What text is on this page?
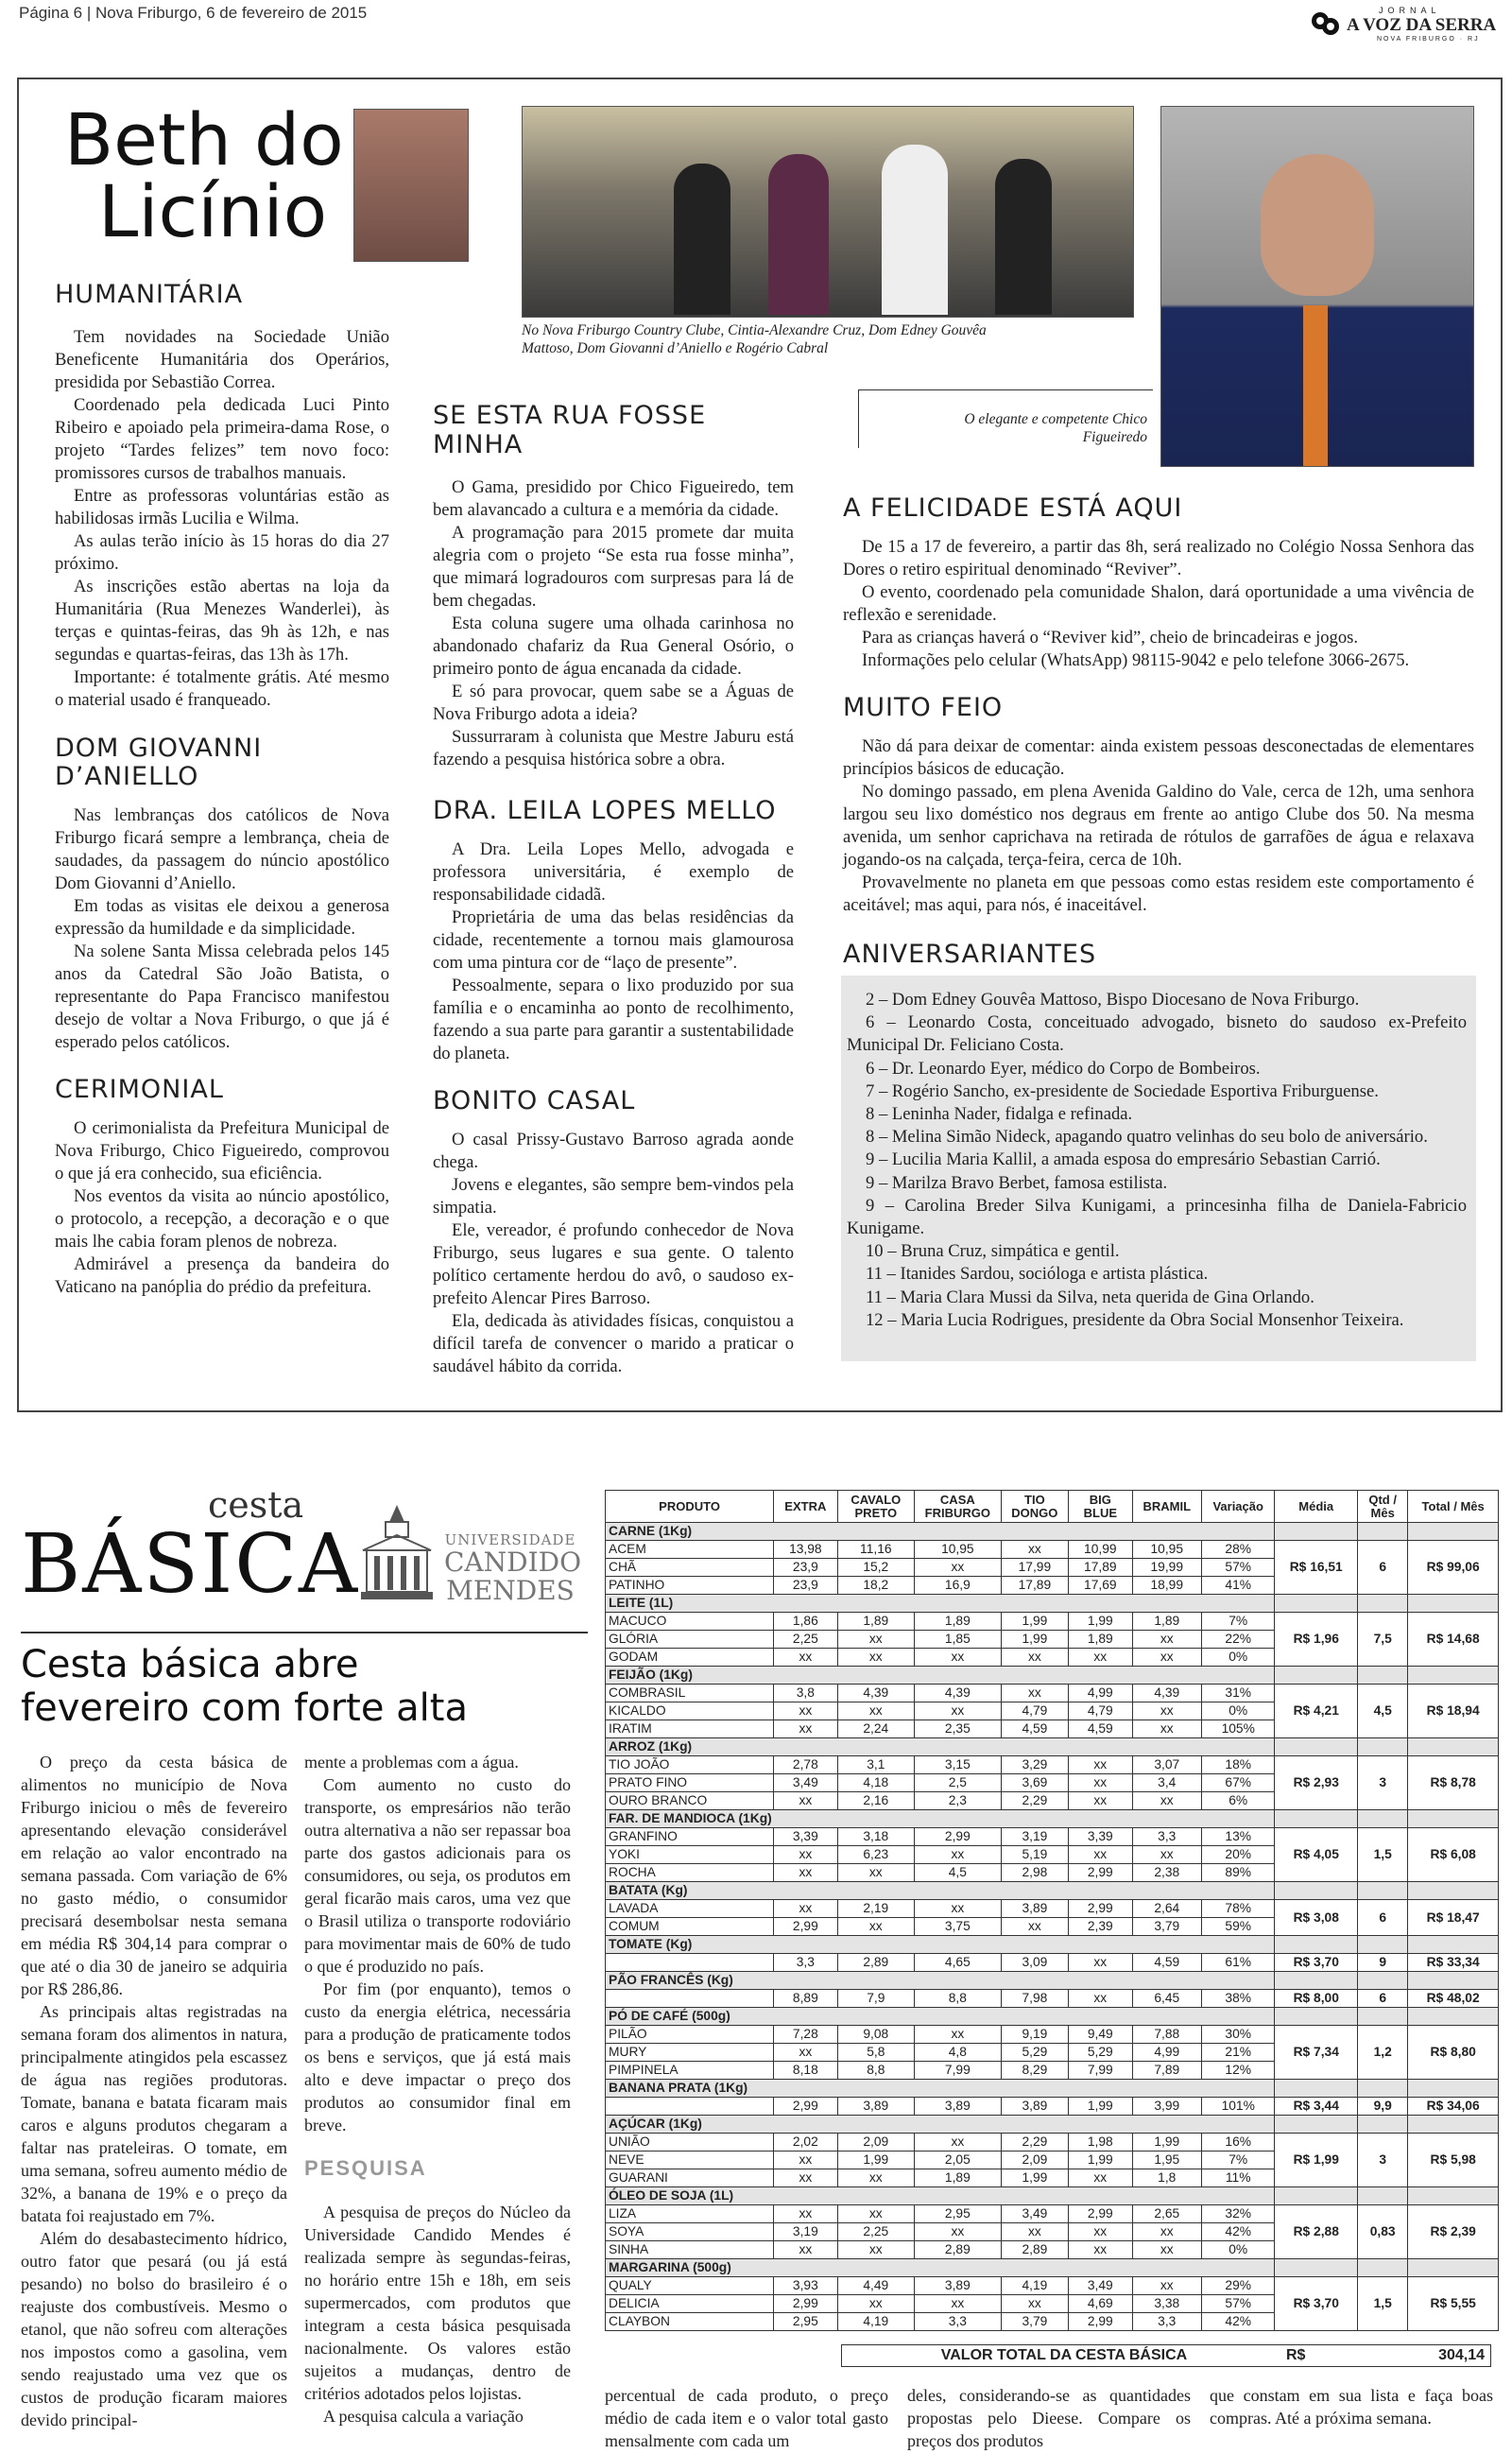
Página 6 | Nova Friburgo, 6 de fevereiro de 2015	JORNAL
A VOZ DA SERRA
NOVA FRIBURGO · RJ
Beth do
Licínio
HUMANITÁRIA

Tem novidades na Sociedade União Beneficente Humanitária dos Operários, presidida por Sebastião Correa.

Coordenado pela dedicada Luci Pinto Ribeiro e apoiado pela primeira-dama Rose, o projeto “Tardes felizes” tem novo foco: promissores cursos de trabalhos manuais.

Entre as professoras voluntárias estão as habilidosas irmãs Lucilia e Wilma.

As aulas terão início às 15 horas do dia 27 próximo.

As inscrições estão abertas na loja da Humanitária (Rua Menezes Wanderlei), às terças e quintas-feiras, das 9h às 12h, e nas segundas e quartas-feiras, das 13h às 17h.

Importante: é totalmente grátis. Até mesmo o material usado é franqueado.

DOM GIOVANNI D’ANIELLO

Nas lembranças dos católicos de Nova Friburgo ficará sempre a lembrança, cheia de saudades, da passagem do núncio apostólico Dom Giovanni d’Aniello.

Em todas as visitas ele deixou a generosa expressão da humildade e da simplicidade.

Na solene Santa Missa celebrada pelos 145 anos da Catedral São João Batista, o representante do Papa Francisco manifestou desejo de voltar a Nova Friburgo, o que já é esperado pelos católicos.

CERIMONIAL

O cerimonialista da Prefeitura Municipal de Nova Friburgo, Chico Figueiredo, comprovou o que já era conhecido, sua eficiência.

Nos eventos da visita ao núncio apostólico, o protocolo, a recepção, a decoração e o que mais lhe cabia foram plenos de nobreza.

Admirável a presença da bandeira do Vaticano na panóplia do prédio da prefeitura.

No Nova Friburgo Country Clube, Cintia-Alexandre Cruz, Dom Edney Gouvêa Mattoso, Dom Giovanni d’Aniello e Rogério Cabral
SE ESTA RUA FOSSE MINHA

O Gama, presidido por Chico Figueiredo, tem bem alavancado a cultura e a memória da cidade.

A programação para 2015 promete dar muita alegria com o projeto “Se esta rua fosse minha”, que mimará logradouros com surpresas para lá de bem chegadas.

Esta coluna sugere uma olhada carinhosa no abandonado chafariz da Rua General Osório, o primeiro ponto de água encanada da cidade.

E só para provocar, quem sabe se a Águas de Nova Friburgo adota a ideia?

Sussurraram à colunista que Mestre Jaburu está fazendo a pesquisa histórica sobre a obra.

DRA. LEILA LOPES MELLO

A Dra. Leila Lopes Mello, advogada e professora universitária, é exemplo de responsabilidade cidadã.

Proprietária de uma das belas residências da cidade, recentemente a tornou mais glamourosa com uma pintura cor de “laço de presente”.

Pessoalmente, separa o lixo produzido por sua família e o encaminha ao ponto de recolhimento, fazendo a sua parte para garantir a sustentabilidade do planeta.

BONITO CASAL

O casal Prissy-Gustavo Barroso agrada aonde chega.

Jovens e elegantes, são sempre bem-vindos pela simpatia.

Ele, vereador, é profundo conhecedor de Nova Friburgo, seus lugares e sua gente. O talento político certamente herdou do avô, o saudoso ex-prefeito Alencar Pires Barroso.

Ela, dedicada às atividades físicas, conquistou a difícil tarefa de convencer o marido a praticar o saudável hábito da corrida.

O elegante e competente Chico Figueiredo
A FELICIDADE ESTÁ AQUI

De 15 a 17 de fevereiro, a partir das 8h, será realizado no Colégio Nossa Senhora das Dores o retiro espiritual denominado “Reviver”.

O evento, coordenado pela comunidade Shalon, dará oportunidade a uma vivência de reflexão e serenidade.

Para as crianças haverá o “Reviver kid”, cheio de brincadeiras e jogos.

Informações pelo celular (WhatsApp) 98115-9042 e pelo telefone 3066-2675.

MUITO FEIO

Não dá para deixar de comentar: ainda existem pessoas desconectadas de elementares princípios básicos de educação.

No domingo passado, em plena Avenida Galdino do Vale, cerca de 12h, uma senhora largou seu lixo doméstico nos degraus em frente ao antigo Clube dos 50. Na mesma avenida, um senhor caprichava na retirada de rótulos de garrafões de água e relaxava jogando-os na calçada, terça-feira, cerca de 10h.

Provavelmente no planeta em que pessoas como estas residem este comportamento é aceitável; mas aqui, para nós, é inaceitável.

ANIVERSARIANTES

2 – Dom Edney Gouvêa Mattoso, Bispo Diocesano de Nova Friburgo.

6 – Leonardo Costa, conceituado advogado, bisneto do saudoso ex-Prefeito Municipal Dr. Feliciano Costa.

6 – Dr. Leonardo Eyer, médico do Corpo de Bombeiros.

7 – Rogério Sancho, ex-presidente de Sociedade Esportiva Friburguense.

8 – Leninha Nader, fidalga e refinada.

8 – Melina Simão Nideck, apagando quatro velinhas do seu bolo de aniversário.

9 – Lucilia Maria Kallil, a amada esposa do empresário Sebastian Carrió.

9 – Marilza Bravo Berbet, famosa estilista.

9 – Carolina Breder Silva Kunigami, a princesinha filha de Daniela-Fabricio Kunigame.

10 – Bruna Cruz, simpática e gentil.

11 – Itanides Sardou, socióloga e artista plástica.

11 – Maria Clara Mussi da Silva, neta querida de Gina Orlando.

12 – Maria Lucia Rodrigues, presidente da Obra Social Monsenhor Teixeira.

cesta
BÁSICA	UNIVERSIDADE
CANDIDO
MENDES
Cesta básica abre fevereiro com forte alta

O preço da cesta básica de alimentos no município de Nova Friburgo iniciou o mês de fevereiro apresentando elevação considerável em relação ao valor encontrado na semana passada. Com variação de 6% no gasto médio, o consumidor precisará desembolsar nesta semana em média R$ 304,14 para comprar o que até o dia 30 de janeiro se adquiria por R$ 286,86.

As principais altas registradas na semana foram dos alimentos in natura, principalmente atingidos pela escassez de água nas regiões produtoras. Tomate, banana e batata ficaram mais caros e alguns produtos chegaram a faltar nas prateleiras. O tomate, em uma semana, sofreu aumento médio de 32%, a banana de 19% e o preço da batata foi reajustado em 7%.

Além do desabastecimento hídrico, outro fator que pesará (ou já está pesando) no bolso do brasileiro é o reajuste dos combustíveis. Mesmo o etanol, que não sofreu com alterações nos impostos como a gasolina, vem sendo reajustado uma vez que os custos de produção ficaram maiores devido principal-

mente a problemas com a água.

Com aumento no custo do transporte, os empresários não terão outra alternativa a não ser repassar boa parte dos gastos adicionais para os consumidores, ou seja, os produtos em geral ficarão mais caros, uma vez que o Brasil utiliza o transporte rodoviário para movimentar mais de 60% de tudo o que é produzido no país.

Por fim (por enquanto), temos o custo da energia elétrica, necessária para a produção de praticamente todos os bens e serviços, que já está mais alto e deve impactar o preço dos produtos ao consumidor final em breve.

PESQUISA

A pesquisa de preços do Núcleo da Universidade Candido Mendes é realizada sempre às segundas-feiras, no horário entre 15h e 18h, em seis supermercados, com produtos que integram a cesta básica pesquisada nacionalmente. Os valores estão sujeitos a mudanças, dentro de critérios adotados pelos lojistas.

A pesquisa calcula a variação

PRODUTO	EXTRA	CAVALO PRETO	CASA FRIBURGO	TIO DONGO	BIG BLUE	BRAMIL	Variação	Média	Qtd / Mês	Total / Mês
CARNE (1Kg)										
ACEM	13,98	11,16	10,95	xx	10,99	10,95	28%	R$ 16,51	6	R$ 99,06
CHÃ	23,9	15,2	xx	17,99	17,89	19,99	57%			
PATINHO	23,9	18,2	16,9	17,89	17,69	18,99	41%			
LEITE (1L)										
MACUCO	1,86	1,89	1,89	1,99	1,99	1,89	7%	R$ 1,96	7,5	R$ 14,68
GLÓRIA	2,25	xx	1,85	1,99	1,89	xx	22%			
GODAM	xx	xx	xx	xx	xx	xx	0%			
FEIJÃO (1Kg)										
COMBRASIL	3,8	4,39	4,39	xx	4,99	4,39	31%	R$ 4,21	4,5	R$ 18,94
KICALDO	xx	xx	xx	4,79	4,79	xx	0%			
IRATIM	xx	2,24	2,35	4,59	4,59	xx	105%			
ARROZ (1Kg)										
TIO JOÃO	2,78	3,1	3,15	3,29	xx	3,07	18%	R$ 2,93	3	R$ 8,78
PRATO FINO	3,49	4,18	2,5	3,69	xx	3,4	67%			
OURO BRANCO	xx	2,16	2,3	2,29	xx	xx	6%			
FAR. DE MANDIOCA (1Kg)										
GRANFINO	3,39	3,18	2,99	3,19	3,39	3,3	13%	R$ 4,05	1,5	R$ 6,08
YOKI	xx	6,23	xx	5,19	xx	xx	20%			
ROCHA	xx	xx	4,5	2,98	2,99	2,38	89%			
BATATA (Kg)										
LAVADA	xx	2,19	xx	3,89	2,99	2,64	78%	R$ 3,08	6	R$ 18,47
COMUM	2,99	xx	3,75	xx	2,39	3,79	59%			
TOMATE (Kg)										
	3,3	2,89	4,65	3,09	xx	4,59	61%	R$ 3,70	9	R$ 33,34
PÃO FRANCÊS (Kg)										
	8,89	7,9	8,8	7,98	xx	6,45	38%	R$ 8,00	6	R$ 48,02
PÓ DE CAFÉ (500g)										
PILÃO	7,28	9,08	xx	9,19	9,49	7,88	30%	R$ 7,34	1,2	R$ 8,80
MURY	xx	5,8	4,8	5,29	5,29	4,99	21%			
PIMPINELA	8,18	8,8	7,99	8,29	7,99	7,89	12%			
BANANA PRATA (1Kg)										
	2,99	3,89	3,89	3,89	1,99	3,99	101%	R$ 3,44	9,9	R$ 34,06
AÇÚCAR (1Kg)										
UNIÃO	2,02	2,09	xx	2,29	1,98	1,99	16%	R$ 1,99	3	R$ 5,98
NEVE	xx	1,99	2,05	2,09	1,99	1,95	7%			
GUARANI	xx	xx	1,89	1,99	xx	1,8	11%			
ÓLEO DE SOJA (1L)										
LIZA	xx	xx	2,95	3,49	2,99	2,65	32%	R$ 2,88	0,83	R$ 2,39
SOYA	3,19	2,25	xx	xx	xx	xx	42%			
SINHA	xx	xx	2,89	2,89	xx	xx	0%			
MARGARINA (500g)										
QUALY	3,93	4,49	3,89	4,19	3,49	xx	29%	R$ 3,70	1,5	R$ 5,55
DELICIA	2,99	xx	xx	xx	4,69	3,38	57%			
CLAYBON	2,95	4,19	3,3	3,79	2,99	3,3	42%			
VALOR TOTAL DA CESTA BÁSICA	R$	304,14
percentual de cada produto, o preço médio de cada item e o valor total gasto mensalmente com cada um
deles, considerando-se as quantidades propostas pelo Dieese. Compare os preços dos produtos
que constam em sua lista e faça boas compras. Até a próxima semana.
